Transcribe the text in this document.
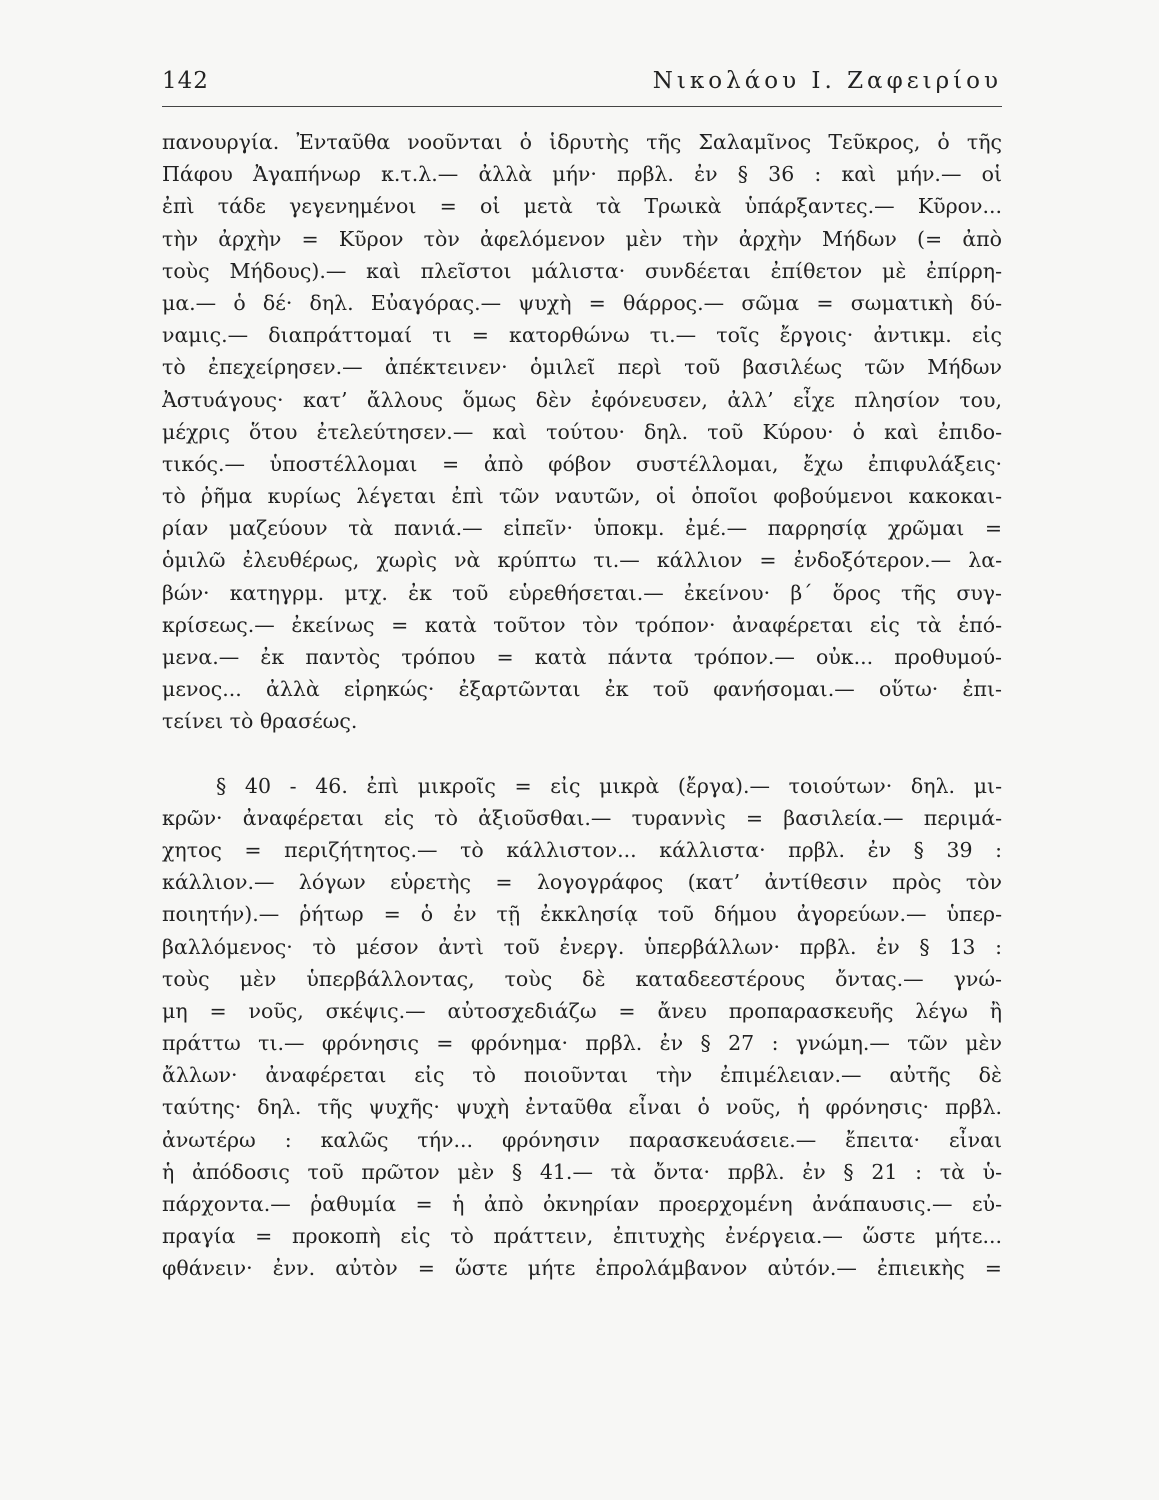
142	Νικολάου Ι. Ζαφειρίου
πανουργία. Ἐνταῦθα νοοῦνται ὁ ἱδρυτὴς τῆς Σαλαμῖνος Τεῦκρος, ὁ τῆς
Πάφου Ἀγαπήνωρ κ.τ.λ.— ἀλλὰ μήν· πρβλ. ἐν § 36 : καὶ μήν.— οἱ
ἐπὶ τάδε γεγενημένοι = οἱ μετὰ τὰ Τρωικὰ ὑπάρξαντες.— Κῦρον...
τὴν ἀρχὴν = Κῦρον τὸν ἀφελόμενον μὲν τὴν ἀρχὴν Μήδων (= ἀπὸ
τοὺς Μήδους).— καὶ πλεῖστοι μάλιστα· συνδέεται ἐπίθετον μὲ ἐπίρρη-
μα.— ὁ δέ· δηλ. Εὐαγόρας.— ψυχὴ = θάρρος.— σῶμα = σωματικὴ δύ-
ναμις.— διαπράττομαί τι = κατορθώνω τι.— τοῖς ἔργοις· ἀντικμ. εἰς
τὸ ἐπεχείρησεν.— ἀπέκτεινεν· ὁμιλεῖ περὶ τοῦ βασιλέως τῶν Μήδων
Ἀστυάγους· κατ’ ἄλλους ὅμως δὲν ἐφόνευσεν, ἀλλ’ εἶχε πλησίον του,
μέχρις ὅτου ἐτελεύτησεν.— καὶ τούτου· δηλ. τοῦ Κύρου· ὁ καὶ ἐπιδο-
τικός.— ὑποστέλλομαι = ἀπὸ φόβον συστέλλομαι, ἔχω ἐπιφυλάξεις·
τὸ ῥῆμα κυρίως λέγεται ἐπὶ τῶν ναυτῶν, οἱ ὁποῖοι φοβούμενοι κακοκαι-
ρίαν μαζεύουν τὰ πανιά.— εἰπεῖν· ὑποκμ. ἐμέ.— παρρησίᾳ χρῶμαι =
ὁμιλῶ ἐλευθέρως, χωρὶς νὰ κρύπτω τι.— κάλλιον = ἐνδοξότερον.— λα-
βών· κατηγρμ. μτχ. ἐκ τοῦ εὑρεθήσεται.— ἐκείνου· β΄ ὅρος τῆς συγ-
κρίσεως.— ἐκείνως = κατὰ τοῦτον τὸν τρόπον· ἀναφέρεται εἰς τὰ ἑπό-
μενα.— ἐκ παντὸς τρόπου = κατὰ πάντα τρόπον.— οὐκ... προθυμού-
μενος... ἀλλὰ εἰρηκώς· ἐξαρτῶνται ἐκ τοῦ φανήσομαι.— οὕτω· ἐπι-
τείνει τὸ θρασέως.
§ 40 - 46. ἐπὶ μικροῖς = εἰς μικρὰ (ἔργα).— τοιούτων· δηλ. μι-
κρῶν· ἀναφέρεται εἰς τὸ ἀξιοῦσθαι.— τυραννὶς = βασιλεία.— περιμά-
χητος = περιζήτητος.— τὸ κάλλιστον... κάλλιστα· πρβλ. ἐν § 39 :
κάλλιον.— λόγων εὑρετὴς = λογογράφος (κατ’ ἀντίθεσιν πρὸς τὸν
ποιητήν).— ῥήτωρ = ὁ ἐν τῇ ἐκκλησίᾳ τοῦ δήμου ἀγορεύων.— ὑπερ-
βαλλόμενος· τὸ μέσον ἀντὶ τοῦ ἐνεργ. ὑπερβάλλων· πρβλ. ἐν § 13 :
τοὺς μὲν ὑπερβάλλοντας, τοὺς δὲ καταδεεστέρους ὄντας.— γνώ-
μη = νοῦς, σκέψις.— αὐτοσχεδιάζω = ἄνευ προπαρασκευῆς λέγω ἢ
πράττω τι.— φρόνησις = φρόνημα· πρβλ. ἐν § 27 : γνώμη.— τῶν μὲν
ἄλλων· ἀναφέρεται εἰς τὸ ποιοῦνται τὴν ἐπιμέλειαν.— αὐτῆς δὲ
ταύτης· δηλ. τῆς ψυχῆς· ψυχὴ ἐνταῦθα εἶναι ὁ νοῦς, ἡ φρόνησις· πρβλ.
ἀνωτέρω : καλῶς τήν... φρόνησιν παρασκευάσειε.— ἔπειτα· εἶναι
ἡ ἀπόδοσις τοῦ πρῶτον μὲν § 41.— τὰ ὄντα· πρβλ. ἐν § 21 : τὰ ὑ-
πάρχοντα.— ῥαθυμία = ἡ ἀπὸ ὀκνηρίαν προερχομένη ἀνάπαυσις.— εὐ-
πραγία = προκοπὴ εἰς τὸ πράττειν, ἐπιτυχὴς ἐνέργεια.— ὥστε μήτε...
φθάνειν· ἐνν. αὐτὸν = ὥστε μήτε ἐπρολάμβανον αὐτόν.— ἐπιεικὴς =
